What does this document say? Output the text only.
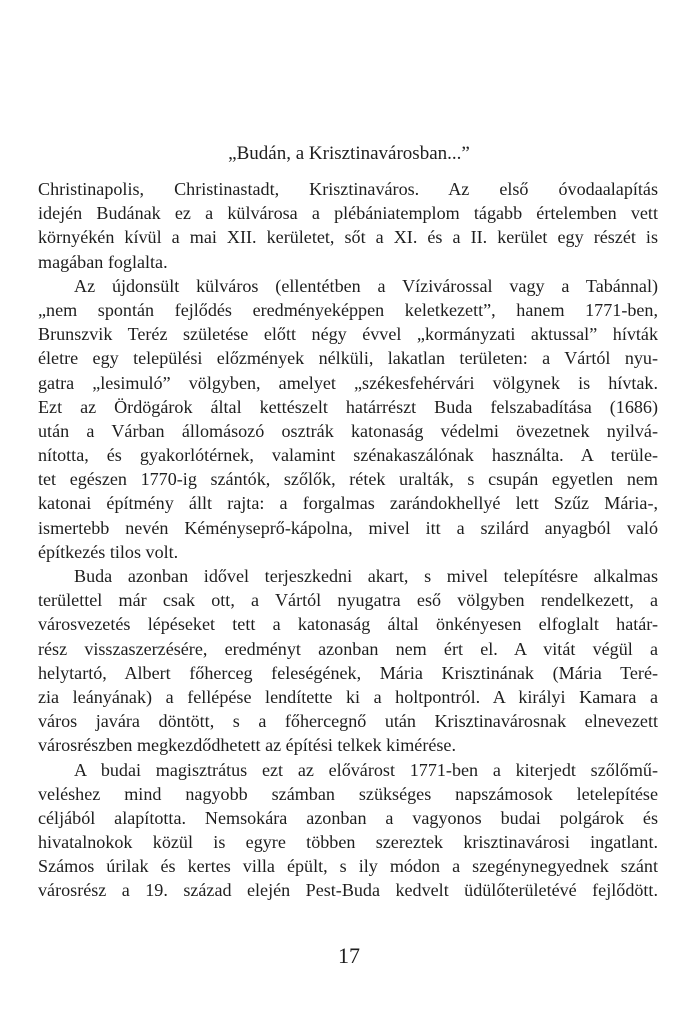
„Budán, a Krisztinavárosban...”
Christinapolis, Christinastadt, Krisztinaváros. Az első óvodaalapítás
idején Budának ez a külvárosa a plébániatemplom tágabb értelemben vett
környékén kívül a mai XII. kerületet, sőt a XI. és a II. kerület egy részét is
magában foglalta.
Az újdonsült külváros (ellentétben a Vízivárossal vagy a Tabánnal)
„nem spontán fejlődés eredményeképpen keletkezett”, hanem 1771-ben,
Brunszvik Teréz születése előtt négy évvel „kormányzati aktussal” hívták
életre egy települési előzmények nélküli, lakatlan területen: a Vártól nyu-
gatra „lesimuló” völgyben, amelyet „székesfehérvári völgynek is hívtak.
Ezt az Ördögárok által kettészelt határrészt Buda felszabadítása (1686)
után a Várban állomásozó osztrák katonaság védelmi övezetnek nyilvá-
nította, és gyakorlótérnek, valamint szénakaszálónak használta. A terüle-
tet egészen 1770-ig szántók, szőlők, rétek uralták, s csupán egyetlen nem
katonai építmény állt rajta: a forgalmas zarándokhellyé lett Szűz Mária-,
ismertebb nevén Kéményseprő-kápolna, mivel itt a szilárd anyagból való
építkezés tilos volt.
Buda azonban idővel terjeszkedni akart, s mivel telepítésre alkalmas
területtel már csak ott, a Vártól nyugatra eső völgyben rendelkezett, a
városvezetés lépéseket tett a katonaság által önkényesen elfoglalt határ-
rész visszaszerzésére, eredményt azonban nem ért el. A vitát végül a
helytartó, Albert főherceg feleségének, Mária Krisztinának (Mária Teré-
zia leányának) a fellépése lendítette ki a holtpontról. A királyi Kamara a
város javára döntött, s a főhercegnő után Krisztinavárosnak elnevezett
városrészben megkezdődhetett az építési telkek kimérése.
A budai magisztrátus ezt az elővárost 1771-ben a kiterjedt szőlőmű-
veléshez mind nagyobb számban szükséges napszámosok letelepítése
céljából alapította. Nemsokára azonban a vagyonos budai polgárok és
hivatalnokok közül is egyre többen szereztek krisztinavárosi ingatlant.
Számos úrilak és kertes villa épült, s ily módon a szegénynegyednek szánt
városrész a 19. század elején Pest-Buda kedvelt üdülőterületévé fejlődött.
17
